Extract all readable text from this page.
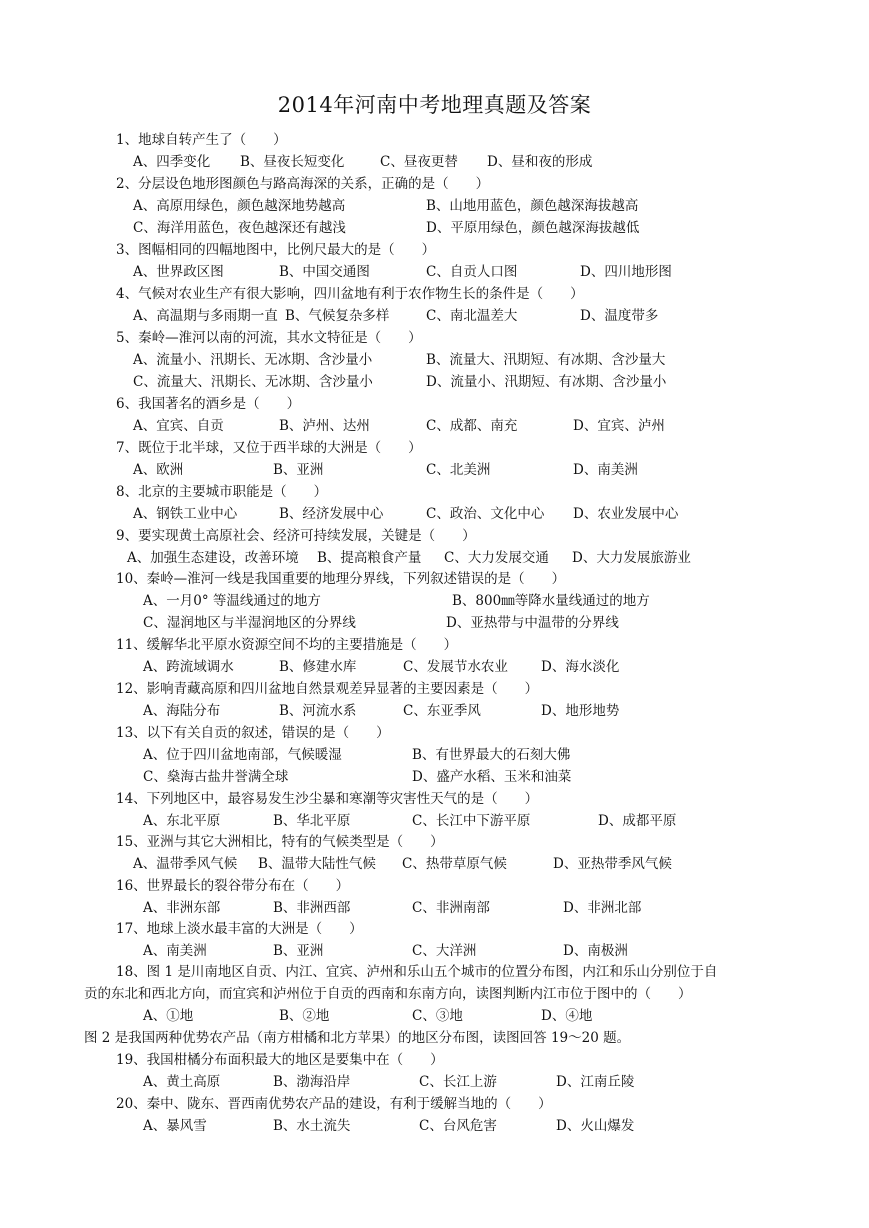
2014年河南中考地理真题及答案
1、地球自转产生了（　　）
A、四季变化 B、昼夜长短变化	C、昼夜更替 D、昼和夜的形成
2、分层设色地形图颜色与路高海深的关系，正确的是（　　）
A、高原用绿色，颜色越深地势越高	B、山地用蓝色，颜色越深海拔越高
C、海洋用蓝色，夜色越深还有越浅	D、平原用绿色，颜色越深海拔越低
3、图幅相同的四幅地图中，比例尺最大的是（　　）
A、世界政区图	B、中国交通图	C、自贡人口图	D、四川地形图
4、气候对农业生产有很大影响，四川盆地有利于农作物生长的条件是（　　）
A、高温期与多雨期一直 B、气候复杂多样	C、南北温差大	D、温度带多
5、秦岭—淮河以南的河流，其水文特征是（　　）
A、流量小、汛期长、无冰期、含沙量小	B、流量大、汛期短、有冰期、含沙量大
C、流量大、汛期长、无冰期、含沙量小	D、流量小、汛期短、有冰期、含沙量小
6、我国著名的酒乡是（　　）
A、宜宾、自贡	B、泸州、达州	C、成都、南充	D、宜宾、泸州
7、既位于北半球，又位于西半球的大洲是（　　）
A、欧洲	B、亚洲	C、北美洲	D、南美洲
8、北京的主要城市职能是（　　）
A、钢铁工业中心	B、经济发展中心	C、政治、文化中心 D、农业发展中心
9、要实现黄土高原社会、经济可持续发展，关键是（　　）
A、加强生态建设，改善环境 B、提高粮食产量 C、大力发展交通 D、大力发展旅游业
10、秦岭—淮河一线是我国重要的地理分界线，下列叙述错误的是（　　）
A、一月0° 等温线通过的地方	B、800㎜等降水量线通过的地方
C、湿润地区与半湿润地区的分界线	D、亚热带与中温带的分界线
11、缓解华北平原水资源空间不均的主要措施是（　　）
A、跨流域调水	B、修建水库	C、发展节水农业 D、海水淡化
12、影响青藏高原和四川盆地自然景观差异显著的主要因素是（　　）
A、海陆分布	B、河流水系	C、东亚季风	D、地形地势
13、以下有关自贡的叙述，错误的是（　　）
A、位于四川盆地南部，气候暖湿	B、有世界最大的石刻大佛
C、燊海古盐井誉满全球	D、盛产水稻、玉米和油菜
14、下列地区中，最容易发生沙尘暴和寒潮等灾害性天气的是（　　）
A、东北平原	B、华北平原	C、长江中下游平原	D、成都平原
15、亚洲与其它大洲相比，特有的气候类型是（　　）
A、温带季风气候 B、温带大陆性气候 C、热带草原气候	D、亚热带季风气候
16、世界最长的裂谷带分布在（　　）
A、非洲东部	B、非洲西部	C、非洲南部	D、非洲北部
17、地球上淡水最丰富的大洲是（　　）
A、南美洲	B、亚洲	C、大洋洲	D、南极洲
18、图 1 是川南地区自贡、内江、宜宾、泸州和乐山五个城市的位置分布图，内江和乐山分别位于自
贡的东北和西北方向，而宜宾和泸州位于自贡的西南和东南方向，读图判断内江市位于图中的（　　）
A、①地	B、②地	C、③地	D、④地
图 2 是我国两种优势农产品（南方柑橘和北方苹果）的地区分布图，读图回答 19～20 题。
19、我国柑橘分布面积最大的地区是要集中在（　　）
A、黄土高原	B、渤海沿岸	C、长江上游	D、江南丘陵
20、秦中、陇东、晋西南优势农产品的建设，有利于缓解当地的（　　）
A、暴风雪	B、水土流失	C、台风危害	D、火山爆发
